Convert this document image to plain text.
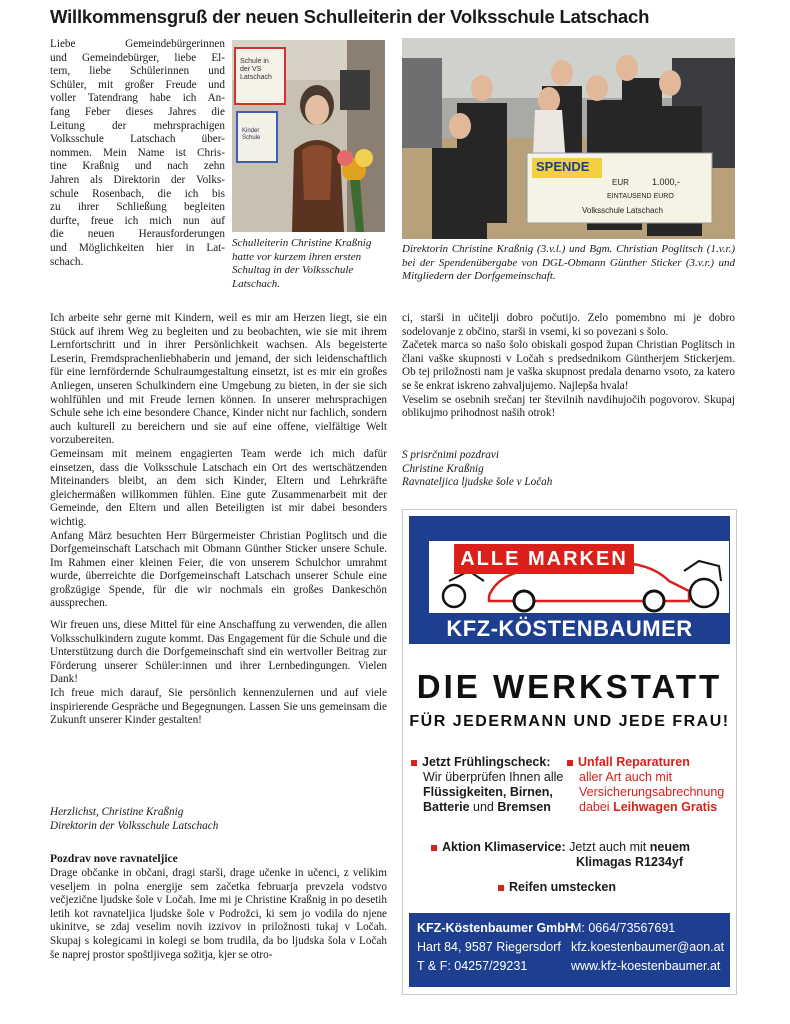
Willkommensgruß der neuen Schulleiterin der Volksschule Latschach

Liebe Gemeindebürgerinnen

und Gemeindebürger, liebe El-

tern, liebe Schülerinnen und

Schüler, mit großer Freude und

voller Tatendrang habe ich An-

fang Feber dieses Jahres die

Leitung der mehrsprachigen

Volksschule Latschach über-

nommen. Mein Name ist Chris-

tine Kraßnig und nach zehn

Jahren als Direktorin der Volks-

schule Rosenbach, die ich bis

zu ihrer Schließung begleiten

durfte, freue ich mich nun auf

die neuen Herausforderungen

und Möglichkeiten hier in Lat-

schach.

Schule in der VS Latschach
Kinder Schule
Schulleiterin Christine Kraßnig hatte vor kurzem ihren ersten Schultag in der Volksschule Latschach.

Ich arbeite sehr gerne mit Kindern, weil es mir am Herzen liegt, sie ein Stück auf ihrem Weg zu begleiten und zu beobachten, wie sie mit ihrem Lernfortschritt und in ihrer Persönlichkeit wachsen. Als begeisterte Leserin, Fremdsprachenliebhaberin und jemand, der sich leidenschaftlich für eine lernfördernde Schulraumgestaltung einsetzt, ist es mir ein großes Anliegen, unseren Schulkindern eine Umgebung zu bieten, in der sie sich wohlfühlen und mit Freude lernen können. In unserer mehrsprachigen Schule sehe ich eine besondere Chance, Kinder nicht nur fachlich, sondern auch kulturell zu bereichern und sie auf eine offene, vielfältige Welt vorzubereiten.

Gemeinsam mit meinem engagierten Team werde ich mich dafür einsetzen, dass die Volksschule Latschach ein Ort des wertschätzenden Miteinanders bleibt, an dem sich Kinder, Eltern und Lehrkräfte gleichermaßen willkommen fühlen. Eine gute Zusammenarbeit mit der Gemeinde, den Eltern und allen Beteiligten ist mir dabei besonders wichtig.

Anfang März besuchten Herr Bürgermeister Christian Poglitsch und die Dorfgemeinschaft Latschach mit Obmann Günther Sticker unsere Schule. Im Rahmen einer kleinen Feier, die von unserem Schulchor umrahmt wurde, überreichte die Dorfgemeinschaft Latschach unserer Schule eine großzügige Spende, für die wir nochmals ein großes Dankeschön aussprechen.

Wir freuen uns, diese Mittel für eine Anschaffung zu verwenden, die allen Volksschulkindern zugute kommt. Das Engagement für die Schule und die Unterstützung durch die Dorfgemeinschaft sind ein wertvoller Beitrag zur Förderung unserer Schüler:innen und ihrer Lernbedingungen. Vielen Dank!

Ich freue mich darauf, Sie persönlich kennenzulernen und auf viele inspirierende Gespräche und Begegnungen. Lassen Sie uns gemeinsam die Zukunft unserer Kinder gestalten!

Herzlichst, Christine Kraßnig

Direktorin der Volksschule Latschach

Pozdrav nove ravnateljice
Drage občanke in občani, dragi starši, drage učenke in učenci, z velikim veseljem in polna energije sem začetka februarja prevzela vodstvo večjezične ljudske šole v Ločah. Ime mi je Christine Kraßnig in po desetih letih kot ravnateljica ljudske šole v Podrožci, ki sem jo vodila do njene ukinitve, se zdaj veselim novih izzivov in priložnosti tukaj v Ločah. Skupaj s kolegicami in kolegi se bom trudila, da bo ljudska šola v Ločah še naprej prostor spoštljivega sožitja, kjer se otro-
SPENDE
EUR	1.000,-
EINTAUSEND EURO
Volksschule Latschach
Direktorin Christine Kraßnig (3.v.l.) und Bgm. Christian Poglitsch (1.v.r.) bei der Spendenübergabe von DGL-Obmann Günther Sticker (3.v.r.) und Mitgliedern der Dorfgemeinschaft.

ci, starši in učitelji dobro počutijo. Zelo pomembno mi je dobro sodelovanje z občino, starši in vsemi, ki so povezani s šolo.

Začetek marca so našo šolo obiskali gospod župan Christian Poglitsch in člani vaške skupnosti v Ločah s predsednikom Güntherjem Stickerjem. Ob tej priložnosti nam je vaška skupnost predala denarno vsoto, za katero se še enkrat iskreno zahvaljujemo. Najlepša hvala!

Veselim se osebnih srečanj ter številnih navdihujočih pogovorov. Skupaj oblikujmo prihodnost naših otrok!

S prisrčnimi pozdravi

Christine Kraßnig

Ravnateljica ljudske šole v Ločah

ALLE MARKEN
KFZ-KÖSTENBAUMER
DIE WERKSTATT
FÜR JEDERMANN UND JEDE FRAU!
Jetzt Frühlingscheck:
Wir überprüfen Ihnen alle
Flüssigkeiten, Birnen,
Batterie und Bremsen
Unfall Reparaturen
aller Art auch mit
Versicherungsabrechnung
dabei Leihwagen Gratis
Aktion Klimaservice: Jetzt auch mit neuem
Klimagas R1234yf
Reifen umstecken
KFZ-Köstenbaumer GmbH
Hart 84, 9587 Riegersdorf
T & F: 04257/29231
M: 0664/73567691
kfz.koestenbaumer@aon.at
www.kfz-koestenbaumer.at
